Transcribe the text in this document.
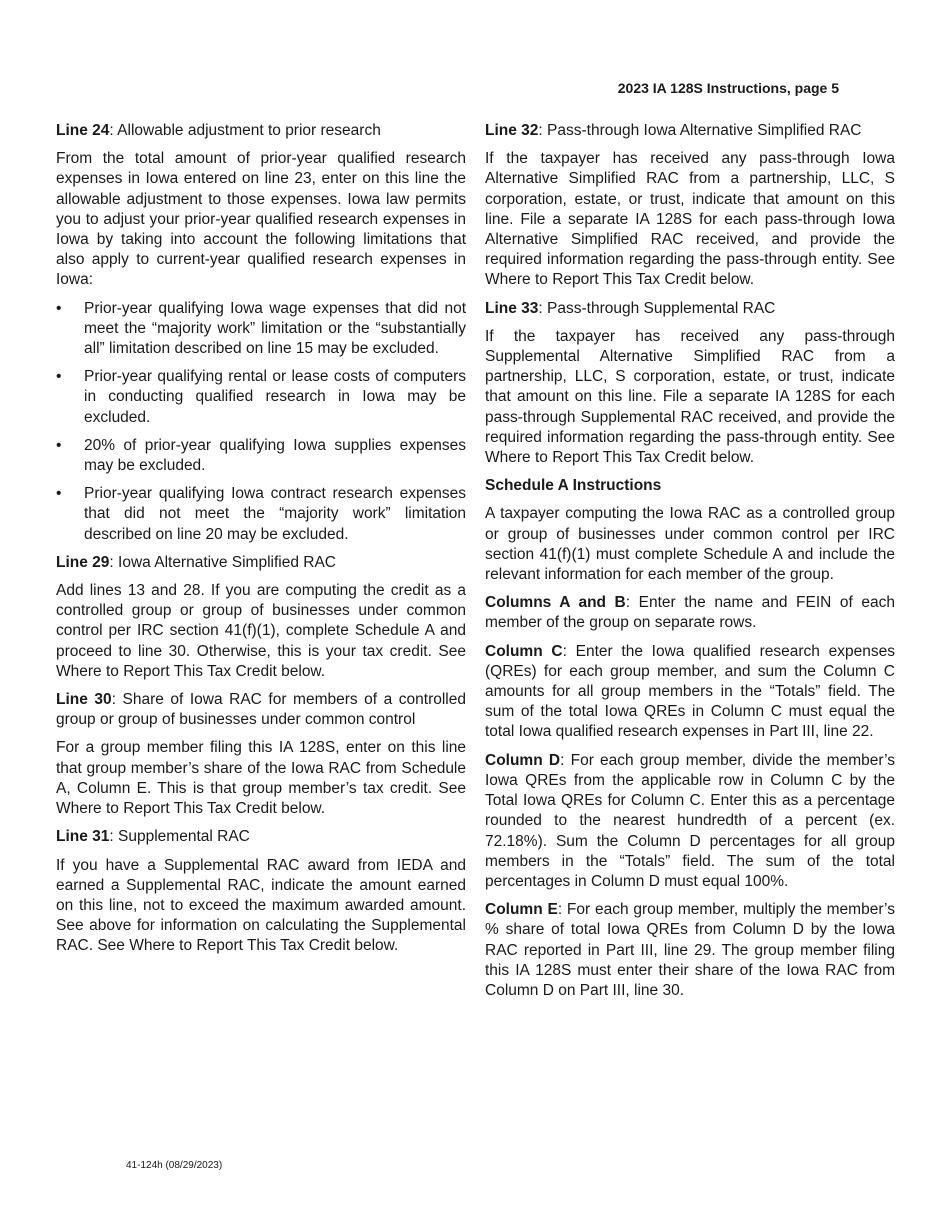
2023 IA 128S Instructions, page 5
Line 24: Allowable adjustment to prior research

From the total amount of prior-year qualified research expenses in Iowa entered on line 23, enter on this line the allowable adjustment to those expenses. Iowa law permits you to adjust your prior-year qualified research expenses in Iowa by taking into account the following limitations that also apply to current-year qualified research expenses in Iowa:

• Prior-year qualifying Iowa wage expenses that did not meet the “majority work” limitation or the “substantially all” limitation described on line 15 may be excluded.
• Prior-year qualifying rental or lease costs of computers in conducting qualified research in Iowa may be excluded.
• 20% of prior-year qualifying Iowa supplies expenses may be excluded.
• Prior-year qualifying Iowa contract research expenses that did not meet the “majority work” limitation described on line 20 may be excluded.
Line 29: Iowa Alternative Simplified RAC

Add lines 13 and 28. If you are computing the credit as a controlled group or group of businesses under common control per IRC section 41(f)(1), complete Schedule A and proceed to line 30. Otherwise, this is your tax credit. See Where to Report This Tax Credit below.

Line 30: Share of Iowa RAC for members of a controlled group or group of businesses under common control

For a group member filing this IA 128S, enter on this line that group member’s share of the Iowa RAC from Schedule A, Column E. This is that group member’s tax credit. See Where to Report This Tax Credit below.

Line 31: Supplemental RAC

If you have a Supplemental RAC award from IEDA and earned a Supplemental RAC, indicate the amount earned on this line, not to exceed the maximum awarded amount. See above for information on calculating the Supplemental RAC. See Where to Report This Tax Credit below.

Line 32: Pass-through Iowa Alternative Simplified RAC

If the taxpayer has received any pass-through Iowa Alternative Simplified RAC from a partnership, LLC, S corporation, estate, or trust, indicate that amount on this line. File a separate IA 128S for each pass-through Iowa Alternative Simplified RAC received, and provide the required information regarding the pass-through entity. See Where to Report This Tax Credit below.

Line 33: Pass-through Supplemental RAC

If the taxpayer has received any pass-through Supplemental Alternative Simplified RAC from a partnership, LLC, S corporation, estate, or trust, indicate that amount on this line. File a separate IA 128S for each pass-through Supplemental RAC received, and provide the required information regarding the pass-through entity. See Where to Report This Tax Credit below.

Schedule A Instructions

A taxpayer computing the Iowa RAC as a controlled group or group of businesses under common control per IRC section 41(f)(1) must complete Schedule A and include the relevant information for each member of the group.

Columns A and B: Enter the name and FEIN of each member of the group on separate rows.

Column C: Enter the Iowa qualified research expenses (QREs) for each group member, and sum the Column C amounts for all group members in the “Totals” field. The sum of the total Iowa QREs in Column C must equal the total Iowa qualified research expenses in Part III, line 22.

Column D: For each group member, divide the member’s Iowa QREs from the applicable row in Column C by the Total Iowa QREs for Column C. Enter this as a percentage rounded to the nearest hundredth of a percent (ex. 72.18%). Sum the Column D percentages for all group members in the “Totals” field. The sum of the total percentages in Column D must equal 100%.

Column E: For each group member, multiply the member’s % share of total Iowa QREs from Column D by the Iowa RAC reported in Part III, line 29. The group member filing this IA 128S must enter their share of the Iowa RAC from Column D on Part III, line 30.

41-124h (08/29/2023)
